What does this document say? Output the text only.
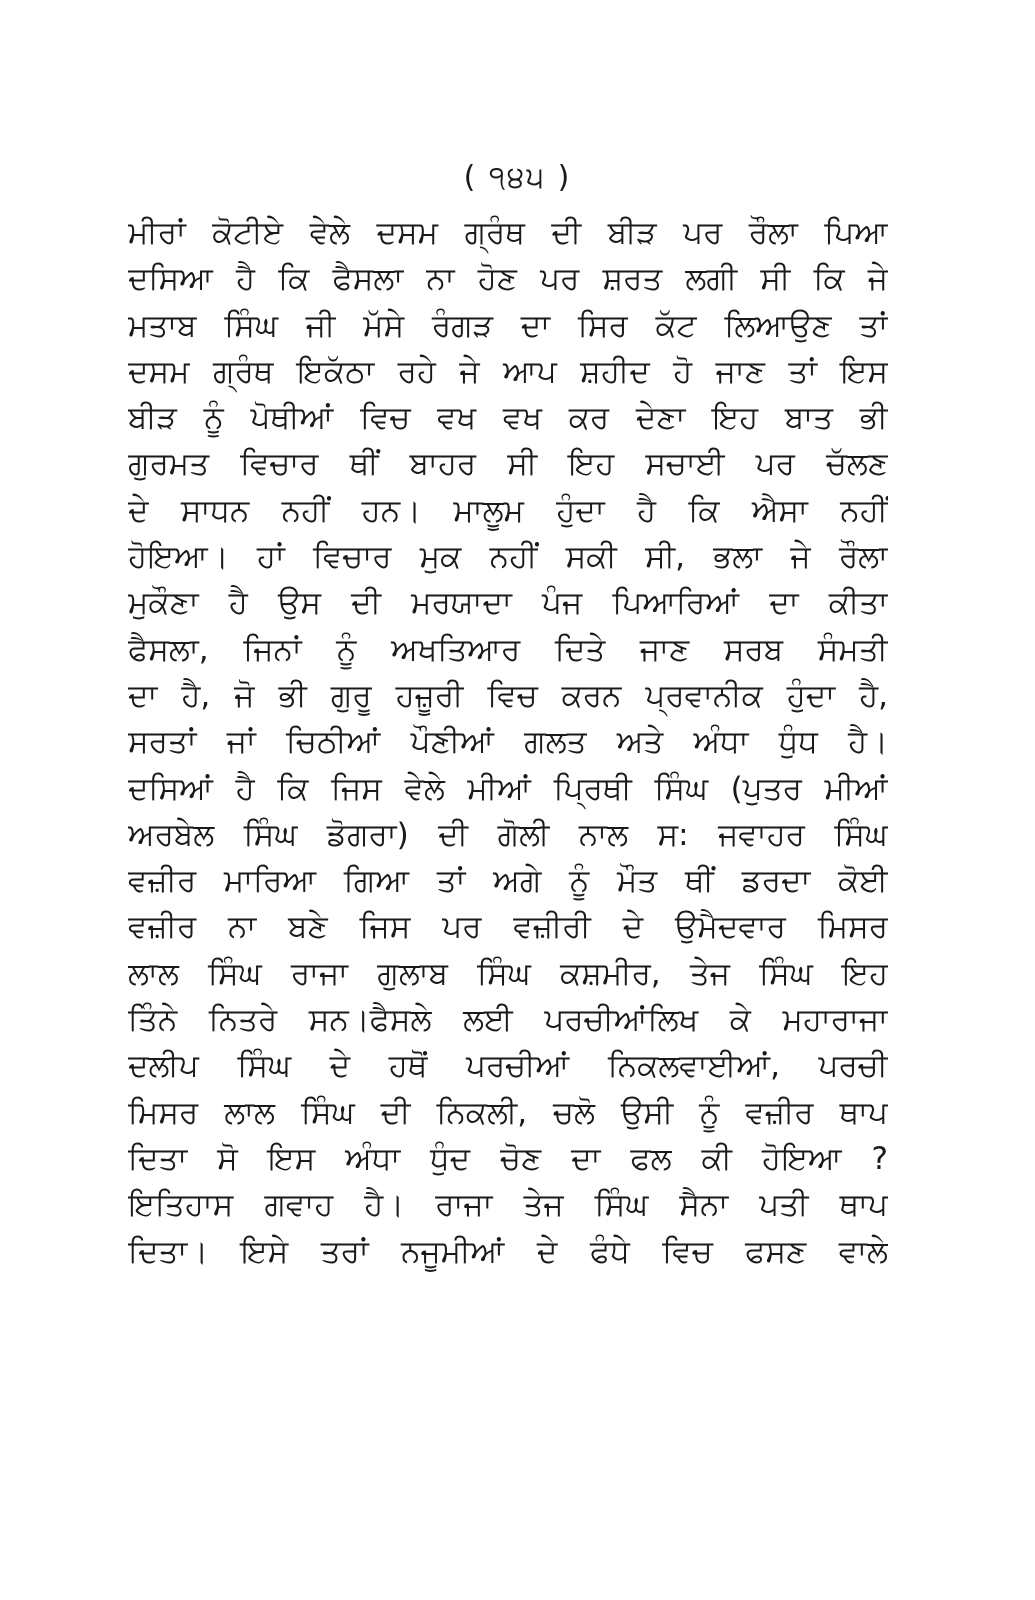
( ੧੪੫ )
ਮੀਰਾਂ ਕੋਟੀਏ ਵੇਲੇ ਦਸਮ ਗ੍ਰੰਥ ਦੀ ਬੀੜ ਪਰ ਰੌਲਾ ਪਿਆ
ਦਸਿਆ ਹੈ ਕਿ ਫੈਸਲਾ ਨਾ ਹੋਣ ਪਰ ਸ਼ਰਤ ਲਗੀ ਸੀ ਕਿ ਜੇ
ਮਤਾਬ ਸਿੰਘ ਜੀ ਮੱਸੇ ਰੰਗੜ ਦਾ ਸਿਰ ਕੱਟ ਲਿਆਉਣ ਤਾਂ
ਦਸਮ ਗ੍ਰੰਥ ਇਕੱਠਾ ਰਹੇ ਜੇ ਆਪ ਸ਼ਹੀਦ ਹੋ ਜਾਣ ਤਾਂ ਇਸ
ਬੀੜ ਨੂੰ ਪੋਥੀਆਂ ਵਿਚ ਵਖ ਵਖ ਕਰ ਦੇਣਾ ਇਹ ਬਾਤ ਭੀ
ਗੁਰਮਤ ਵਿਚਾਰ ਥੀਂ ਬਾਹਰ ਸੀ ਇਹ ਸਚਾਈ ਪਰ ਚੱਲਣ
ਦੇ ਸਾਧਨ ਨਹੀਂ ਹਨ। ਮਾਲੂਮ ਹੁੰਦਾ ਹੈ ਕਿ ਐਸਾ ਨਹੀਂ
ਹੋਇਆ। ਹਾਂ ਵਿਚਾਰ ਮੁਕ ਨਹੀਂ ਸਕੀ ਸੀ, ਭਲਾ ਜੇ ਰੌਲਾ
ਮੁਕੌਣਾ ਹੈ ਉਸ ਦੀ ਮਰਯਾਦਾ ਪੰਜ ਪਿਆਰਿਆਂ ਦਾ ਕੀਤਾ
ਫੈਸਲਾ, ਜਿਨਾਂ ਨੂੰ ਅਖਤਿਆਰ ਦਿਤੇ ਜਾਣ ਸਰਬ ਸੰਮਤੀ
ਦਾ ਹੈ, ਜੋ ਭੀ ਗੁਰੂ ਹਜ਼ੂਰੀ ਵਿਚ ਕਰਨ ਪ੍ਰਵਾਨੀਕ ਹੁੰਦਾ ਹੈ,
ਸਰਤਾਂ ਜਾਂ ਚਿਠੀਆਂ ਪੌਣੀਆਂ ਗਲਤ ਅਤੇ ਅੰਧਾ ਧੁੰਧ ਹੈ।
ਦਸਿਆਂ ਹੈ ਕਿ ਜਿਸ ਵੇਲੇ ਮੀਆਂ ਪ੍ਰਿਥੀ ਸਿੰਘ (ਪੁਤਰ ਮੀਆਂ
ਅਰਬੇਲ ਸਿੰਘ ਡੋਗਰਾ) ਦੀ ਗੋਲੀ ਨਾਲ ਸ: ਜਵਾਹਰ ਸਿੰਘ
ਵਜ਼ੀਰ ਮਾਰਿਆ ਗਿਆ ਤਾਂ ਅਗੇ ਨੂੰ ਮੌਤ ਥੀਂ ਡਰਦਾ ਕੋਈ
ਵਜ਼ੀਰ ਨਾ ਬਣੇ ਜਿਸ ਪਰ ਵਜ਼ੀਰੀ ਦੇ ਉਮੈਦਵਾਰ ਮਿਸਰ
ਲਾਲ ਸਿੰਘ ਰਾਜਾ ਗੁਲਾਬ ਸਿੰਘ ਕਸ਼ਮੀਰ, ਤੇਜ ਸਿੰਘ ਇਹ
ਤਿੰਨੇ ਨਿਤਰੇ ਸਨ।ਫੈਸਲੇ ਲਈ ਪਰਚੀਆਂਲਿਖ ਕੇ ਮਹਾਰਾਜਾ
ਦਲੀਪ ਸਿੰਘ ਦੇ ਹਥੋਂ ਪਰਚੀਆਂ ਨਿਕਲਵਾਈਆਂ, ਪਰਚੀ
ਮਿਸਰ ਲਾਲ ਸਿੰਘ ਦੀ ਨਿਕਲੀ, ਚਲੋ ਉਸੀ ਨੂੰ ਵਜ਼ੀਰ ਥਾਪ
ਦਿਤਾ ਸੋ ਇਸ ਅੰਧਾ ਧੁੰਦ ਚੋਣ ਦਾ ਫਲ ਕੀ ਹੋਇਆ ?
ਇਤਿਹਾਸ ਗਵਾਹ ਹੈ। ਰਾਜਾ ਤੇਜ ਸਿੰਘ ਸੈਨਾ ਪਤੀ ਥਾਪ
ਦਿਤਾ। ਇਸੇ ਤਰਾਂ ਨਜੂਮੀਆਂ ਦੇ ਫੰਧੇ ਵਿਚ ਫਸਣ ਵਾਲੇ
